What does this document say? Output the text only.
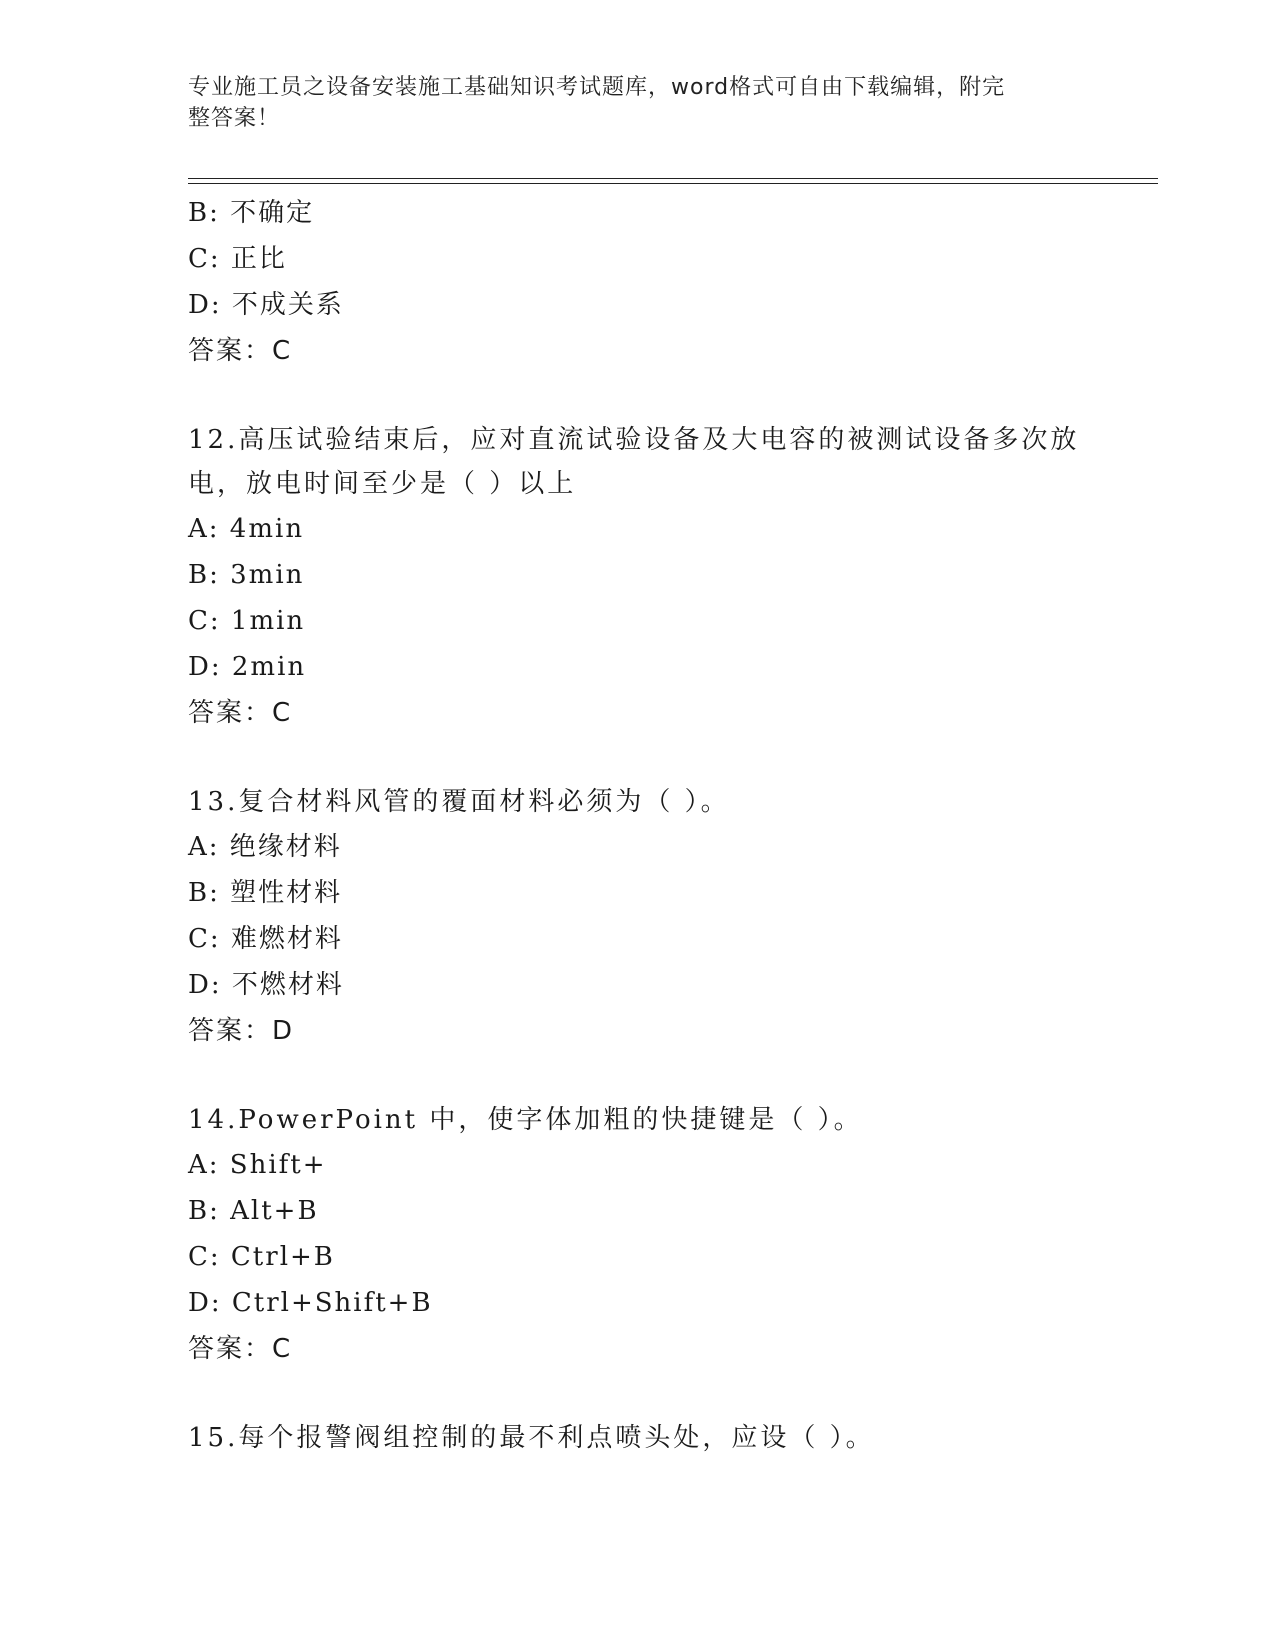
专业施工员之设备安装施工基础知识考试题库，word格式可自由下载编辑，附完
整答案！
B: 不确定
C: 正比
D: 不成关系
答案：C
12.高压试验结束后，应对直流试验设备及大电容的被测试设备多次放
电，放电时间至少是（ ）以上
A: 4min
B: 3min
C: 1min
D: 2min
答案：C
13.复合材料风管的覆面材料必须为（ ）。
A: 绝缘材料
B: 塑性材料
C: 难燃材料
D: 不燃材料
答案：D
14.PowerPoint 中，使字体加粗的快捷键是（ ）。
A: Shift+
B: Alt+B
C: Ctrl+B
D: Ctrl+Shift+B
答案：C
15.每个报警阀组控制的最不利点喷头处，应设（ ）。
